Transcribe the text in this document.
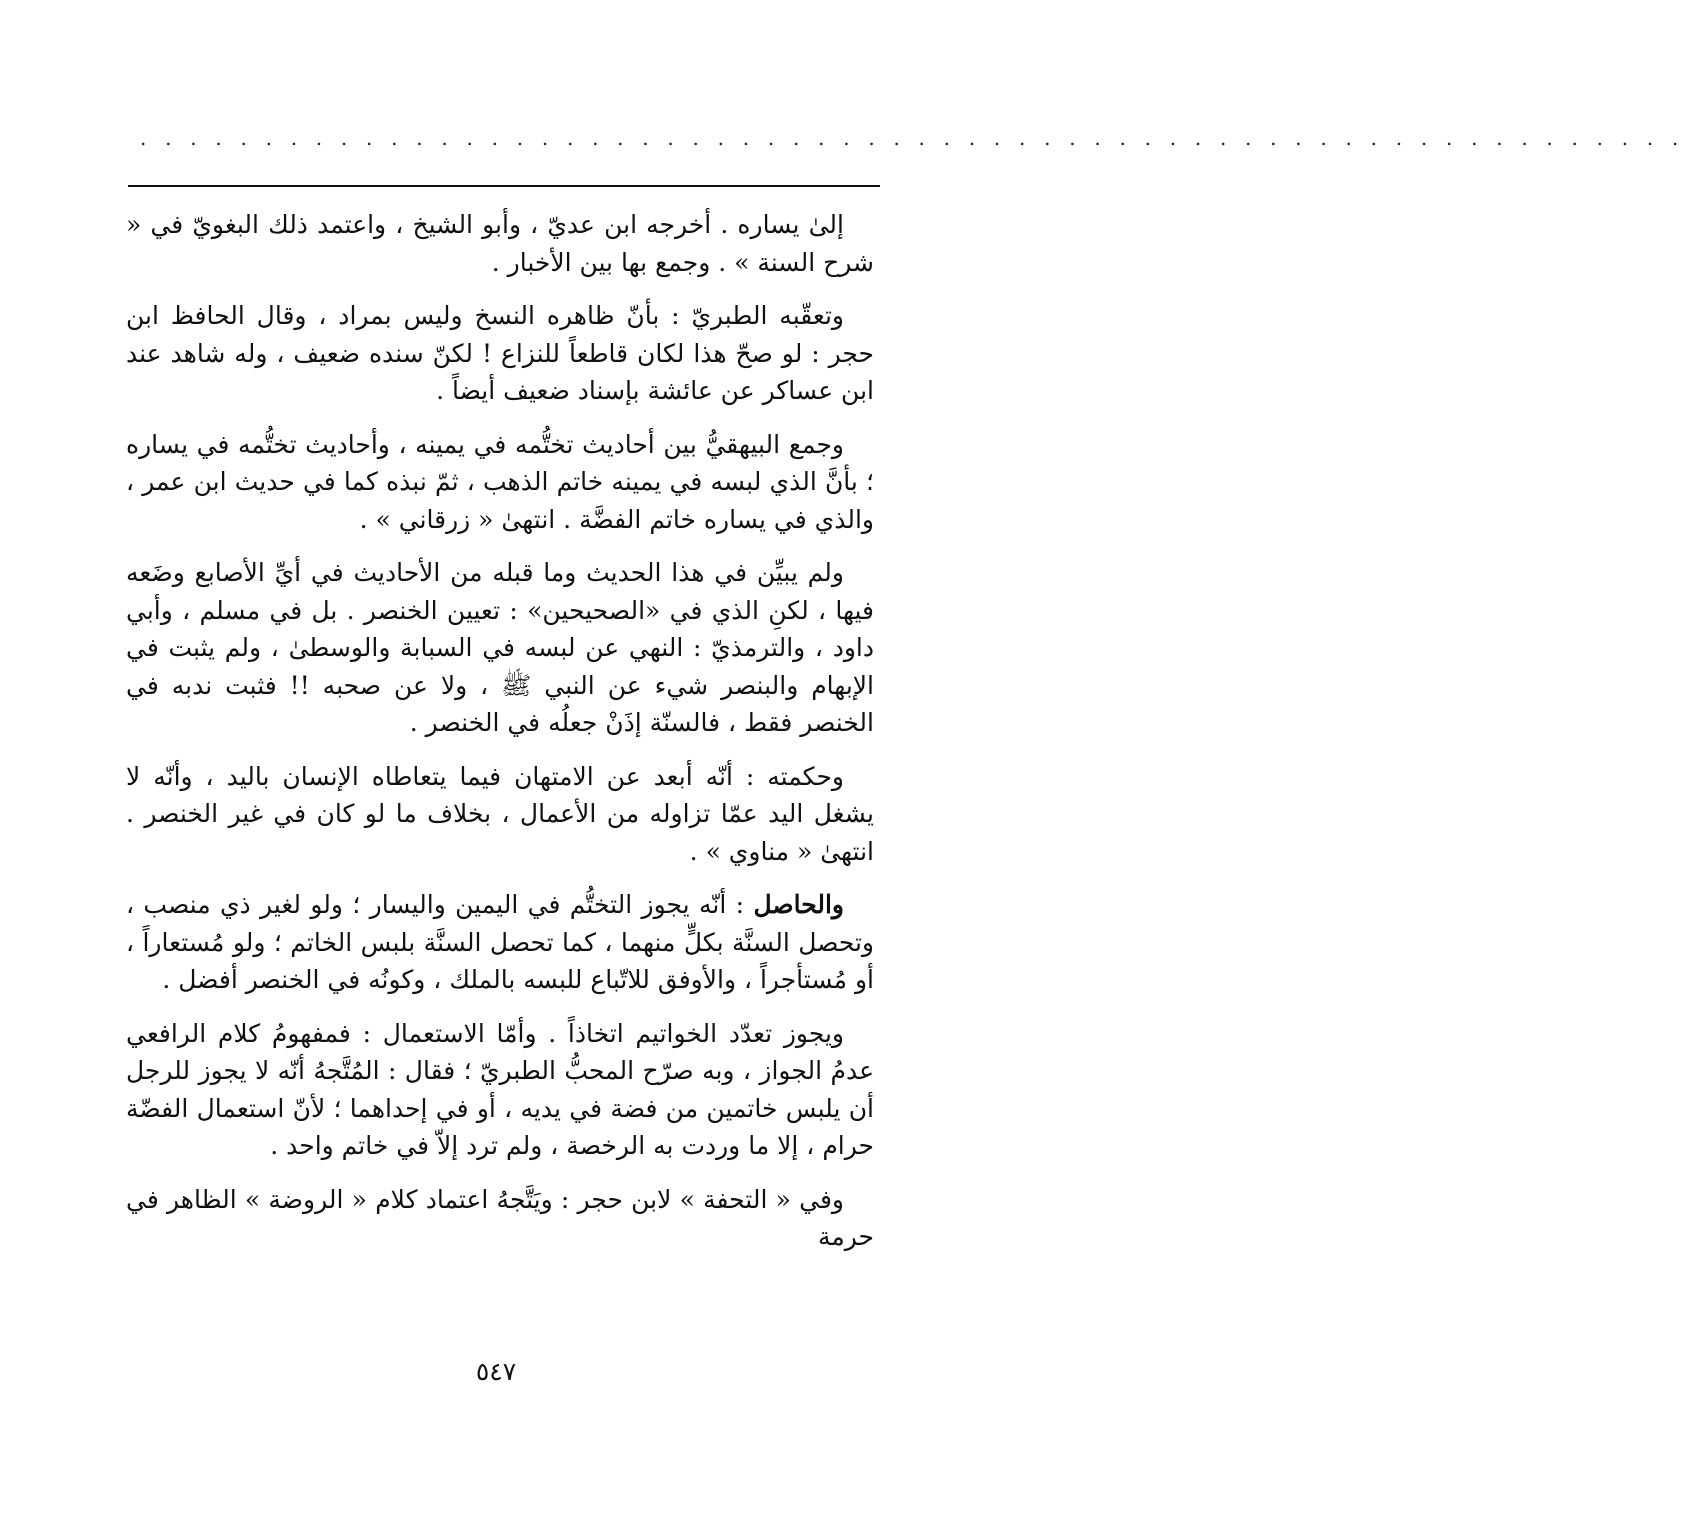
. . . . . . . . . . . . . . . . . . . . . . . . . . . . . . . . . . . . . . . . . . . . . . . . . . . . . . . . . . . . . .

إلىٰ يساره . أخرجه ابن عديّ ، وأبو الشيخ ، واعتمد ذلك البغويّ في « شرح السنة » . وجمع بها بين الأخبار .

وتعقّبه الطبريّ : بأنّ ظاهره النسخ وليس بمراد ، وقال الحافظ ابن حجر : لو صحّ هذا لكان قاطعاً للنزاع ! لكنّ سنده ضعيف ، وله شاهد عند ابن عساكر عن عائشة بإسناد ضعيف أيضاً .

وجمع البيهقيُّ بين أحاديث تختُّمه في يمينه ، وأحاديث تختُّمه في يساره ؛ بأنَّ الذي لبسه في يمينه خاتم الذهب ، ثمّ نبذه كما في حديث ابن عمر ، والذي في يساره خاتم الفضَّة . انتهىٰ « زرقاني » .

ولم يبيِّن في هذا الحديث وما قبله من الأحاديث في أيِّ الأصابع وضَعه فيها ، لكنِ الذي في «الصحيحين» : تعيين الخنصر . بل في مسلم ، وأبي داود ، والترمذيّ : النهي عن لبسه في السبابة والوسطىٰ ، ولم يثبت في الإبهام والبنصر شيء عن النبي ﷺ ، ولا عن صحبه !! فثبت ندبه في الخنصر فقط ، فالسنّة إذَنْ جعلُه في الخنصر .

وحكمته : أنّه أبعد عن الامتهان فيما يتعاطاه الإنسان باليد ، وأنّه لا يشغل اليد عمّا تزاوله من الأعمال ، بخلاف ما لو كان في غير الخنصر . انتهىٰ « مناوي » .

والحاصل : أنّه يجوز التختُّم في اليمين واليسار ؛ ولو لغير ذي منصب ، وتحصل السنَّة بكلٍّ منهما ، كما تحصل السنَّة بلبس الخاتم ؛ ولو مُستعاراً ، أو مُستأجراً ، والأوفق للاتّباع للبسه بالملك ، وكونُه في الخنصر أفضل .

ويجوز تعدّد الخواتيم اتخاذاً . وأمّا الاستعمال : فمفهومُ كلام الرافعي عدمُ الجواز ، وبه صرّح المحبُّ الطبريّ ؛ فقال : المُتَّجهُ أنّه لا يجوز للرجل أن يلبس خاتمين من فضة في يديه ، أو في إحداهما ؛ لأنّ استعمال الفضّة حرام ، إلا ما وردت به الرخصة ، ولم ترد إلاّ في خاتم واحد .

وفي « التحفة » لابن حجر : ويَتَّجهُ اعتماد كلام « الروضة » الظاهر في حرمة

٥٤٧
